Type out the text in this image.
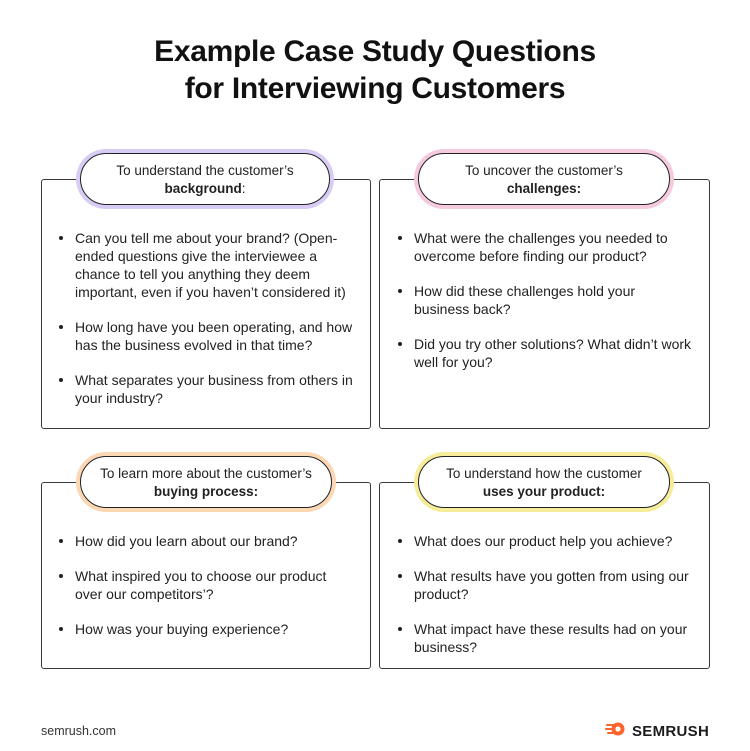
Example Case Study Questions
for Interviewing Customers
To understand the customer’s
background:
Can you tell me about your brand? (Open-ended questions give the interviewee a chance to tell you anything they deem important, even if you haven’t considered it)
How long have you been operating, and how has the business evolved in that time?
What separates your business from others in your industry?
To uncover the customer’s
challenges:
What were the challenges you needed to overcome before finding our product?
How did these challenges hold your business back?
Did you try other solutions? What didn’t work well for you?
To learn more about the customer’s
buying process:
How did you learn about our brand?
What inspired you to choose our product over our competitors’?
How was your buying experience?
To understand how the customer
uses your product:
What does our product help you achieve?
What results have you gotten from using our product?
What impact have these results had on your business?
semrush.com	SEMRUSH
